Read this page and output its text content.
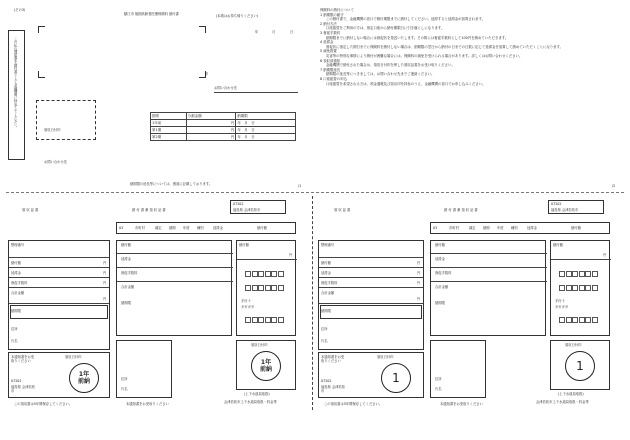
(その3)
この払込通知書を納付書として金融機関に持参してください。
鯖江市 後期高齢者医療保険料 納付書	(本紙はお持ち帰りください)
年	月	日
印
お問い合わせ先
お問い合わせ先
領収日付印
期別	分割金額	納期限
1年前	円	年　 月　 日
第1期	円	年　 月　 日
第2期	円	年　 月　 日
保険料の納付について
1 納期限の厳守
この納付書で、金融機関の窓口で納付期限までに納付してください。延滞すると延滞金が加算されます。
2 納付方法
口座振替をご利用の方は、指定口座から納付期限日に引き落としになります。
3 督促手数料
納期限までに納付しない場合には督促状を発送いたします。その際には督促手数料として100円を納めていただきます。
4 延滞金
督促状に指定した期日までに保険料を納付しない場合は、納期限の翌日から納付の日までの日数に応じて延滞金を加算して納めていただくことになります。
5 減免措置
災害等の特別な事情により納付が困難な場合には、保険料の減免を受けられる場合があります。詳しくはお問い合わせください。
6 領収済通知
金融機関で納付された場合は、領収日付印を押した領収証書をお受け取りください。
7 納期限延長
納期限の延長等につきましては、お問い合わせ先までご連絡ください。
8 口座振替の申込
口座振替を希望される方は、預金通帳及び届出印を持参のうえ、金融機関の窓口でお申し込みください。
納期限の延長等については、裏面に記載しております。	/1	/2
領 収 証 書	納 付 書 兼 領 収 証 書
07202
福島県 会津若松市
03	市町村	調定 納期 年度 種別	延滞金	納付額
整理番号
納付額	円
延滞金	円
督促手数料	円
合計金額
円
納期限
住所
氏名
納付額
延滞金
督促手数料
合計金額
納期限
納付額
円
手付十
ガガガガ
本通知書をお受取りください
領収日付印
1年
前納
07202
福島県 会津若松市
住所
氏名
領収日付印
1年
前納
(上下水道局取扱)
この領収書は5年間保存してください。	本通知書をお受取りください	会津若松市上下水道局取扱・料金等
領 収 証 書	納 付 書 兼 領 収 証 書
07202
福島県 会津若松市
03	市町村	調定 納期 年度 種別	延滞金	納付額
整理番号
納付額	円
延滞金	円
督促手数料	円
合計金額
円
納期限
住所
氏名
納付額
延滞金
督促手数料
合計金額
納期限
納付額
円
手付十
ガガガガ
本通知書をお受取りください
領収日付印
1
07202
福島県 会津若松市
住所
氏名
領収日付印
1
(上下水道局取扱)
この領収書は5年間保存してください。	本通知書をお受取りください	会津若松市上下水道局取扱・料金等
